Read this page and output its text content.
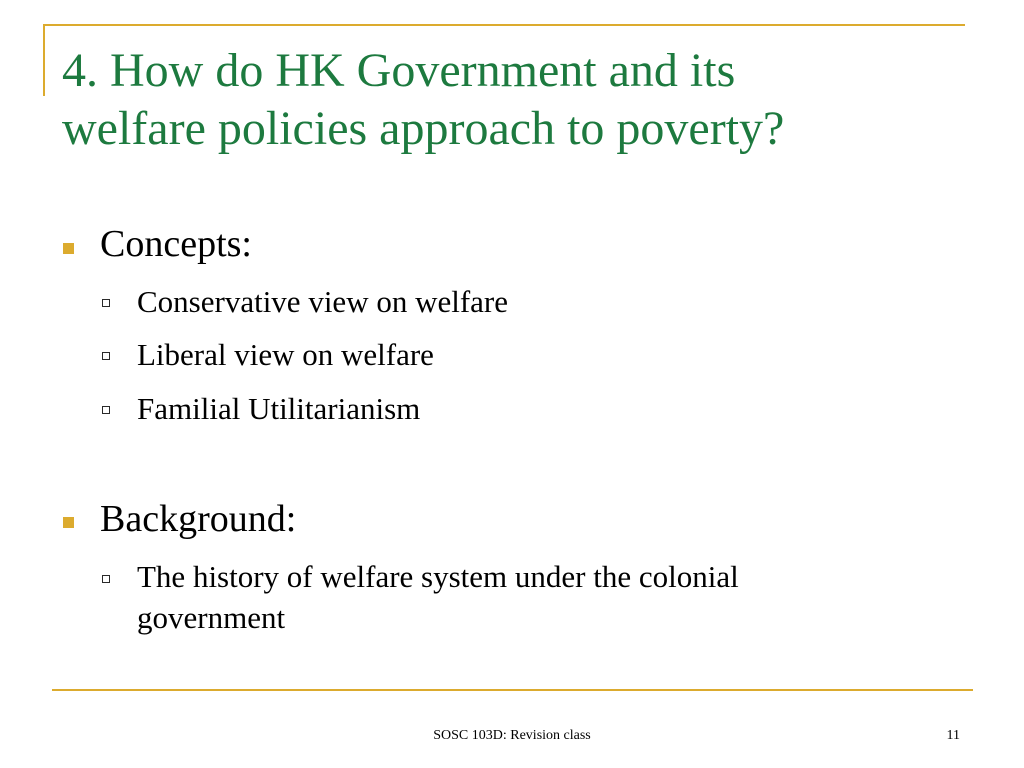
4. How do HK Government and its
welfare policies approach to poverty?
Concepts:
Conservative view on welfare
Liberal view on welfare
Familial Utilitarianism
Background:
The history of welfare system under the colonial
government
SOSC 103D: Revision class	11
